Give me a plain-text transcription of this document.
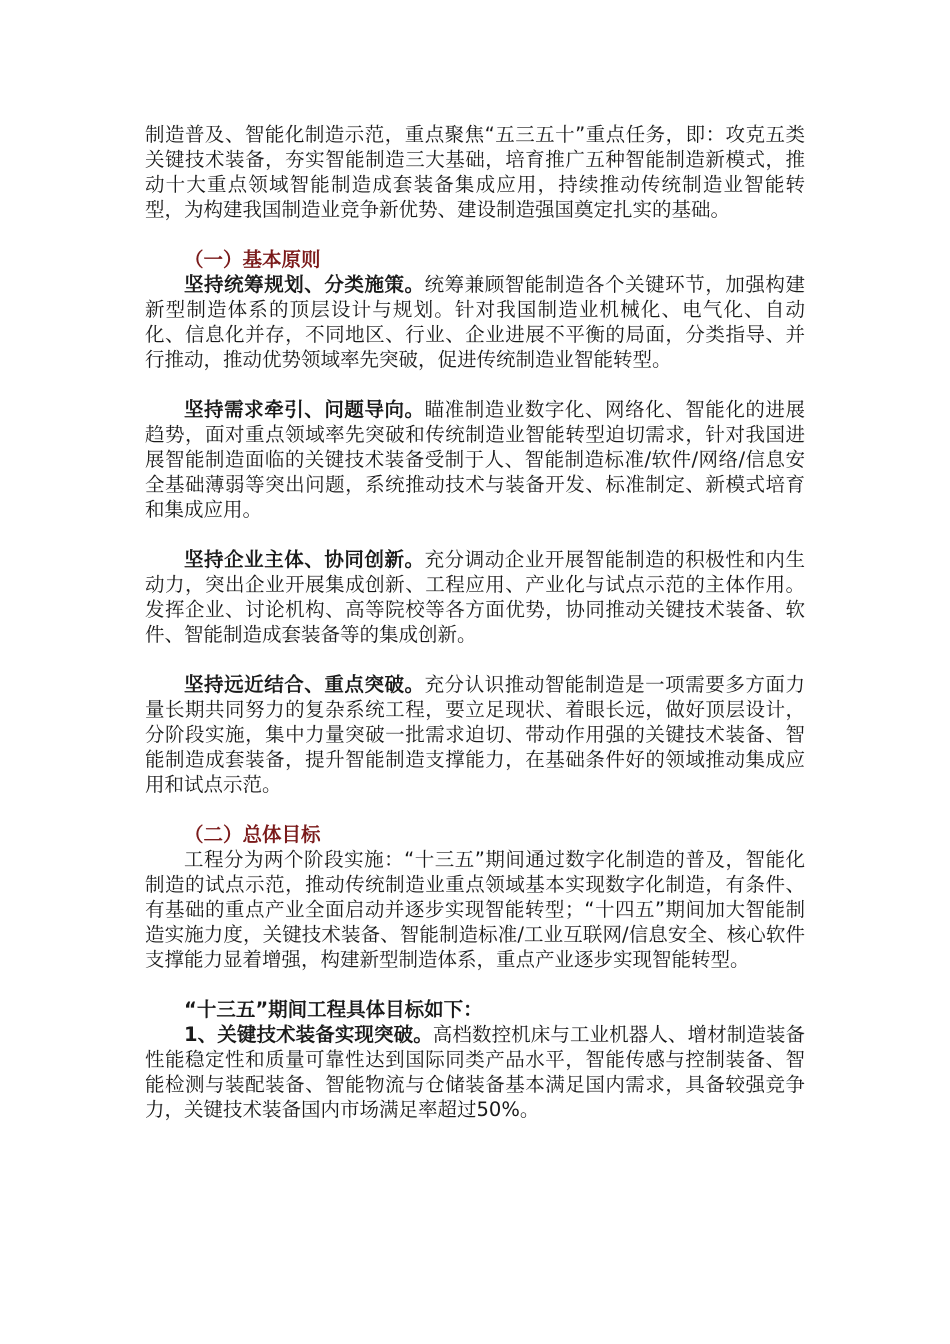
制造普及、智能化制造示范，重点聚焦“五三五十”重点任务，即：攻克五类关键技术装备，夯实智能制造三大基础，培育推广五种智能制造新模式，推动十大重点领域智能制造成套装备集成应用，持续推动传统制造业智能转型，为构建我国制造业竞争新优势、建设制造强国奠定扎实的基础。

（一）基本原则

坚持统筹规划、分类施策。统筹兼顾智能制造各个关键环节，加强构建新型制造体系的顶层设计与规划。针对我国制造业机械化、电气化、自动化、信息化并存，不同地区、行业、企业进展不平衡的局面，分类指导、并行推动，推动优势领域率先突破，促进传统制造业智能转型。

坚持需求牵引、问题导向。瞄准制造业数字化、网络化、智能化的进展趋势，面对重点领域率先突破和传统制造业智能转型迫切需求，针对我国进展智能制造面临的关键技术装备受制于人、智能制造标准/软件/网络/信息安全基础薄弱等突出问题，系统推动技术与装备开发、标准制定、新模式培育和集成应用。

坚持企业主体、协同创新。充分调动企业开展智能制造的积极性和内生动力，突出企业开展集成创新、工程应用、产业化与试点示范的主体作用。发挥企业、讨论机构、高等院校等各方面优势，协同推动关键技术装备、软件、智能制造成套装备等的集成创新。

坚持远近结合、重点突破。充分认识推动智能制造是一项需要多方面力量长期共同努力的复杂系统工程，要立足现状、着眼长远，做好顶层设计，分阶段实施，集中力量突破一批需求迫切、带动作用强的关键技术装备、智能制造成套装备，提升智能制造支撑能力，在基础条件好的领域推动集成应用和试点示范。

（二）总体目标

工程分为两个阶段实施：“十三五”期间通过数字化制造的普及，智能化制造的试点示范，推动传统制造业重点领域基本实现数字化制造，有条件、有基础的重点产业全面启动并逐步实现智能转型；“十四五”期间加大智能制造实施力度，关键技术装备、智能制造标准/工业互联网/信息安全、核心软件支撑能力显着增强，构建新型制造体系，重点产业逐步实现智能转型。

“十三五”期间工程具体目标如下：

1、关键技术装备实现突破。高档数控机床与工业机器人、增材制造装备性能稳定性和质量可靠性达到国际同类产品水平，智能传感与控制装备、智能检测与装配装备、智能物流与仓储装备基本满足国内需求，具备较强竞争力，关键技术装备国内市场满足率超过50%。
